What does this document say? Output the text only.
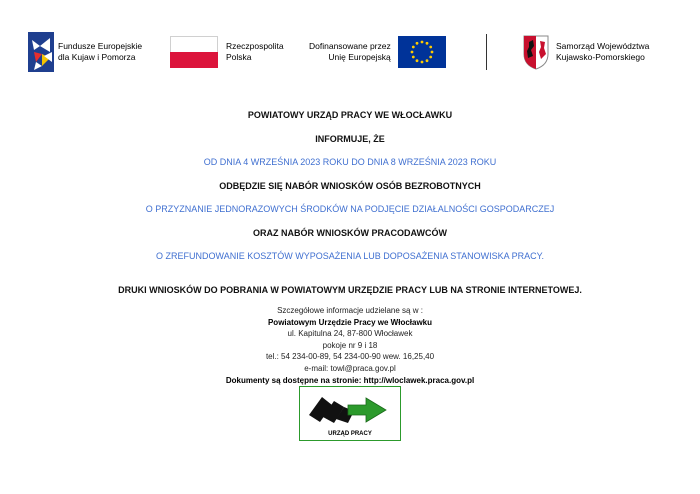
Fundusze Europejskie
dla Kujaw i Pomorza
Rzeczpospolita
Polska
Dofinansowane przez
Unię Europejską
Samorząd Województwa
Kujawsko-Pomorskiego
POWIATOWY URZĄD PRACY WE WŁOCŁAWKU
INFORMUJE, ŻE
OD DNIA 4 WRZEŚNIA 2023 ROKU DO DNIA 8 WRZEŚNIA 2023 ROKU
ODBĘDZIE SIĘ NABÓR WNIOSKÓW OSÓB BEZROBOTNYCH
O PRZYZNANIE JEDNORAZOWYCH ŚRODKÓW NA PODJĘCIE DZIAŁALNOŚCI GOSPODARCZEJ
ORAZ NABÓR WNIOSKÓW PRACODAWCÓW
O ZREFUNDOWANIE KOSZTÓW WYPOSAŻENIA LUB DOPOSAŻENIA STANOWISKA PRACY.
DRUKI WNIOSKÓW DO POBRANIA W POWIATOWYM URZĘDZIE PRACY LUB NA STRONIE INTERNETOWEJ.
Szczegółowe informacje udzielane są w :
Powiatowym Urzędzie Pracy we Włocławku
ul. Kapitulna 24, 87-800 Włocławek
pokoje nr 9 i 18
tel.: 54 234-00-89, 54 234-00-90 wew. 16,25,40
e-mail: towl@praca.gov.pl
Dokumenty są dostępne na stronie: http://wloclawek.praca.gov.pl
URZĄD PRACY
